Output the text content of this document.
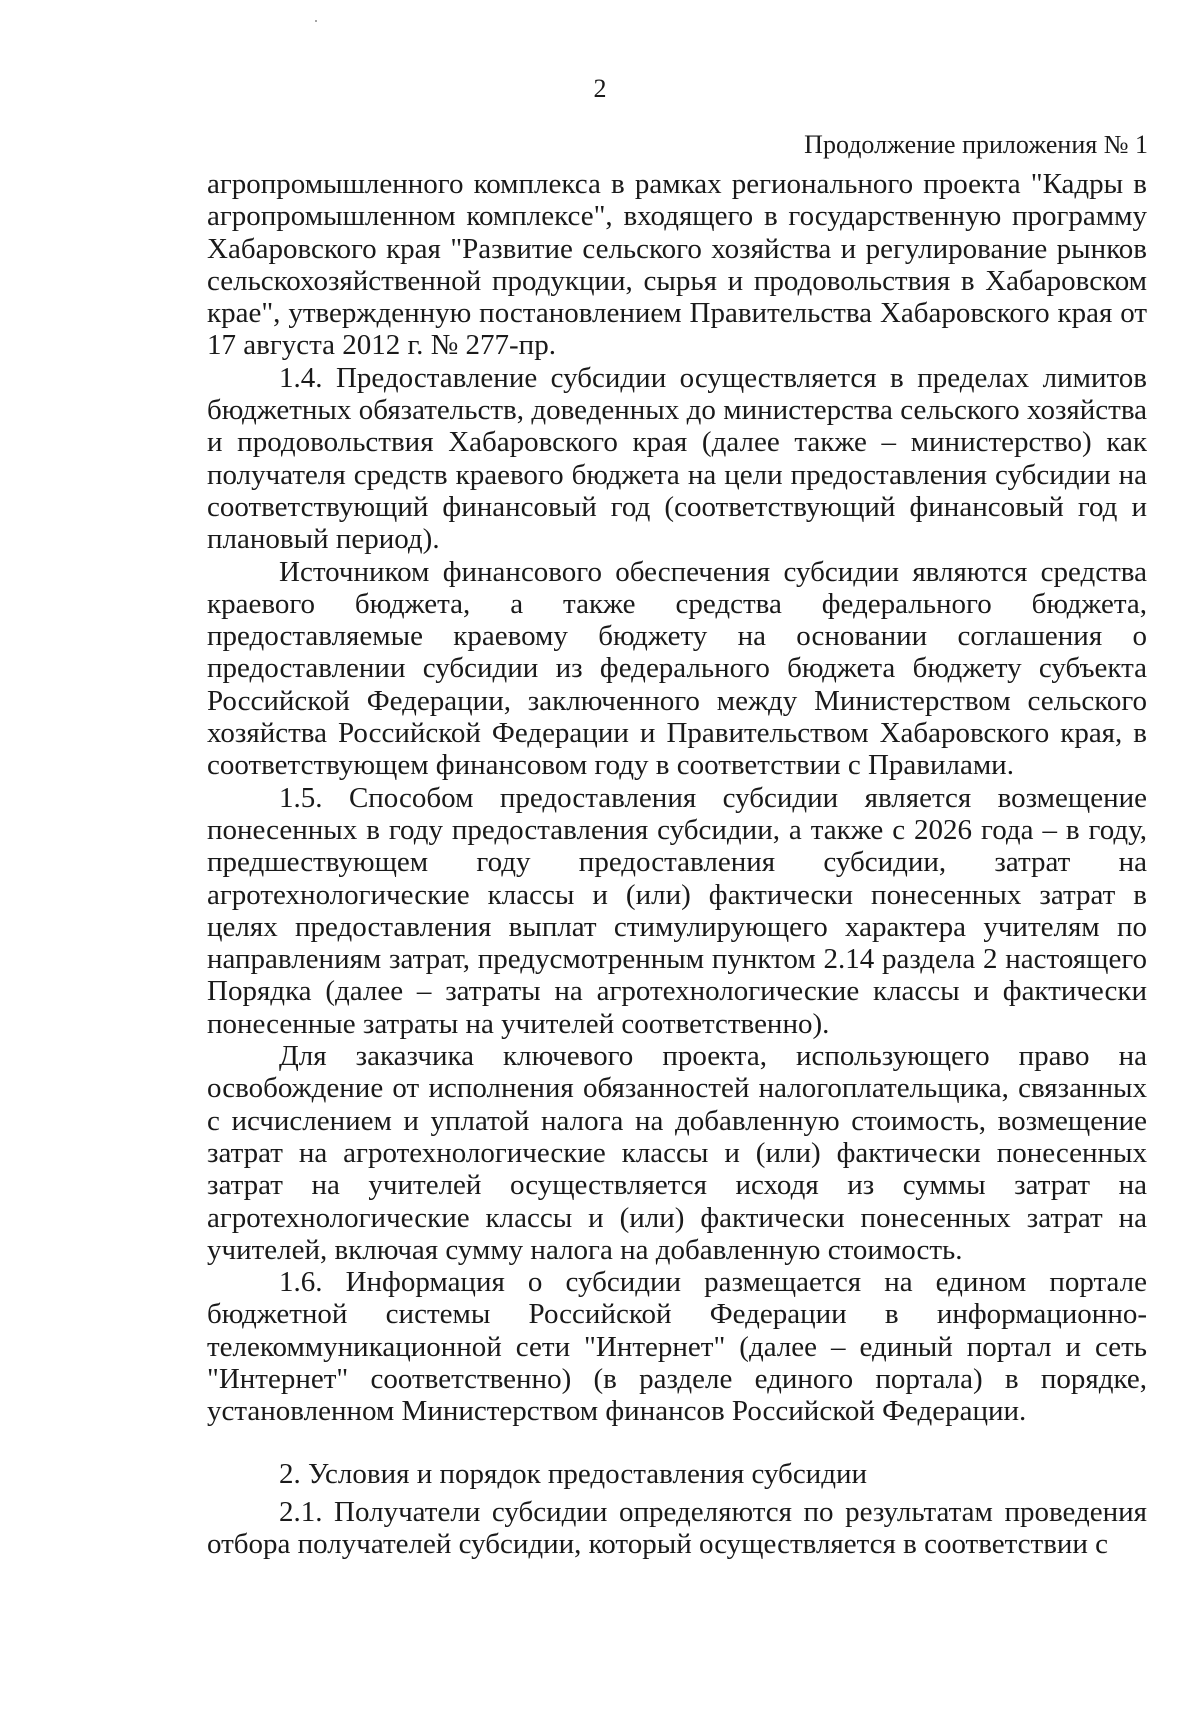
2
Продолжение приложения № 1

агропромышленного комплекса в рамках регионального проекта "Кадры в агропромышленном комплексе", входящего в государственную программу Хабаровского края "Развитие сельского хозяйства и регулирование рынков сельскохозяйственной продукции, сырья и продовольствия в Хабаровском крае", утвержденную постановлением Правительства Хабаровского края от 17 августа 2012 г. № 277-пр.

1.4. Предоставление субсидии осуществляется в пределах лимитов бюджетных обязательств, доведенных до министерства сельского хозяйства и продовольствия Хабаровского края (далее также – министерство) как получателя средств краевого бюджета на цели предоставления субсидии на соответствующий финансовый год (соответствующий финансовый год и плановый период).

Источником финансового обеспечения субсидии являются средства краевого бюджета, а также средства федерального бюджета, предоставляемые краевому бюджету на основании соглашения о предоставлении субсидии из федерального бюджета бюджету субъекта Российской Федерации, заключенного между Министерством сельского хозяйства Российской Федерации и Правительством Хабаровского края, в соответствующем финансовом году в соответствии с Правилами.

1.5. Способом предоставления субсидии является возмещение понесенных в году предоставления субсидии, а также с 2026 года – в году, предшествующем году предоставления субсидии, затрат на агротехнологические классы и (или) фактически понесенных затрат в целях предоставления выплат стимулирующего характера учителям по направлениям затрат, предусмотренным пунктом 2.14 раздела 2 настоящего Порядка (далее – затраты на агротехнологические классы и фактически понесенные затраты на учителей соответственно).

Для заказчика ключевого проекта, использующего право на освобождение от исполнения обязанностей налогоплательщика, связанных с исчислением и уплатой налога на добавленную стоимость, возмещение затрат на агротехнологические классы и (или) фактически понесенных затрат на учителей осуществляется исходя из суммы затрат на агротехнологические классы и (или) фактически понесенных затрат на учителей, включая сумму налога на добавленную стоимость.

1.6. Информация о субсидии размещается на едином портале бюджетной системы Российской Федерации в информационно-телекоммуникационной сети "Интернет" (далее – единый портал и сеть "Интернет" соответственно) (в разделе единого портала) в порядке, установленном Министерством финансов Российской Федерации.

2. Условия и порядок предоставления субсидии

2.1. Получатели субсидии определяются по результатам проведения отбора получателей субсидии, который осуществляется в соответствии с
